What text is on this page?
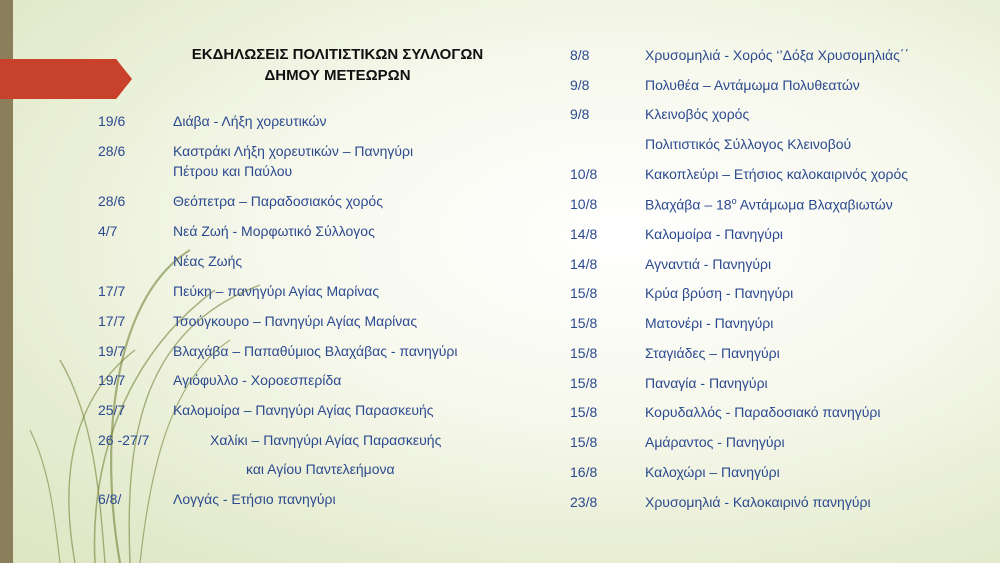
ΕΚΔΗΛΩΣΕΙΣ ΠΟΛΙΤΙΣΤΙΚΩΝ ΣΥΛΛΟΓΩΝ
ΔΗΜΟΥ ΜΕΤΕΩΡΩΝ
19/6	Διάβα - Λήξη χορευτικών
28/6	Καστράκι Λήξη χορευτικών – Πανηγύρι
Πέτρου και Παύλου
28/6	Θεόπετρα – Παραδοσιακός χορός
4/7	Νεά Ζωή - Μορφωτικό Σύλλογος
Νέας Ζωής
17/7	Πεύκη – πανηγύρι Αγίας Μαρίνας
17/7	Τσούγκουρο – Πανηγύρι Αγίας Μαρίνας
19/7	Βλαχάβα – Παπαθύμιος Βλαχάβας - πανηγύρι
19/7	Αγιόφυλλο - Χοροεσπερίδα
25/7	Καλομοίρα – Πανηγύρι Αγίας Παρασκευής
26 -27/7	Χαλίκι – Πανηγύρι Αγίας Παρασκευής
και Αγίου Παντελεήμονα
6/8/	Λογγάς - Ετήσιο πανηγύρι
8/8	Χρυσομηλιά - Χορός ‘’Δόξα Χρυσομηλιάς΄΄
9/8	Πολυθέα – Αντάμωμα Πολυθεατών
9/8	Κλεινοβός χορός
Πολιτιστικός Σύλλογος Κλεινοβού
10/8	Κακοπλεύρι – Ετήσιος καλοκαιρινός χορός
10/8	Βλαχάβα – $18^o$ Αντάμωμα Βλαχαβιωτών
14/8	Καλομοίρα - Πανηγύρι
14/8	Αγναντιά - Πανηγύρι
15/8	Κρύα βρύση - Πανηγύρι
15/8	Ματονέρι - Πανηγύρι
15/8	Σταγιάδες – Πανηγύρι
15/8	Παναγία - Πανηγύρι
15/8	Κορυδαλλός - Παραδοσιακό πανηγύρι
15/8	Αμάραντος - Πανηγύρι
16/8	Καλοχώρι – Πανηγύρι
23/8	Χρυσομηλιά - Καλοκαιρινό πανηγύρι
